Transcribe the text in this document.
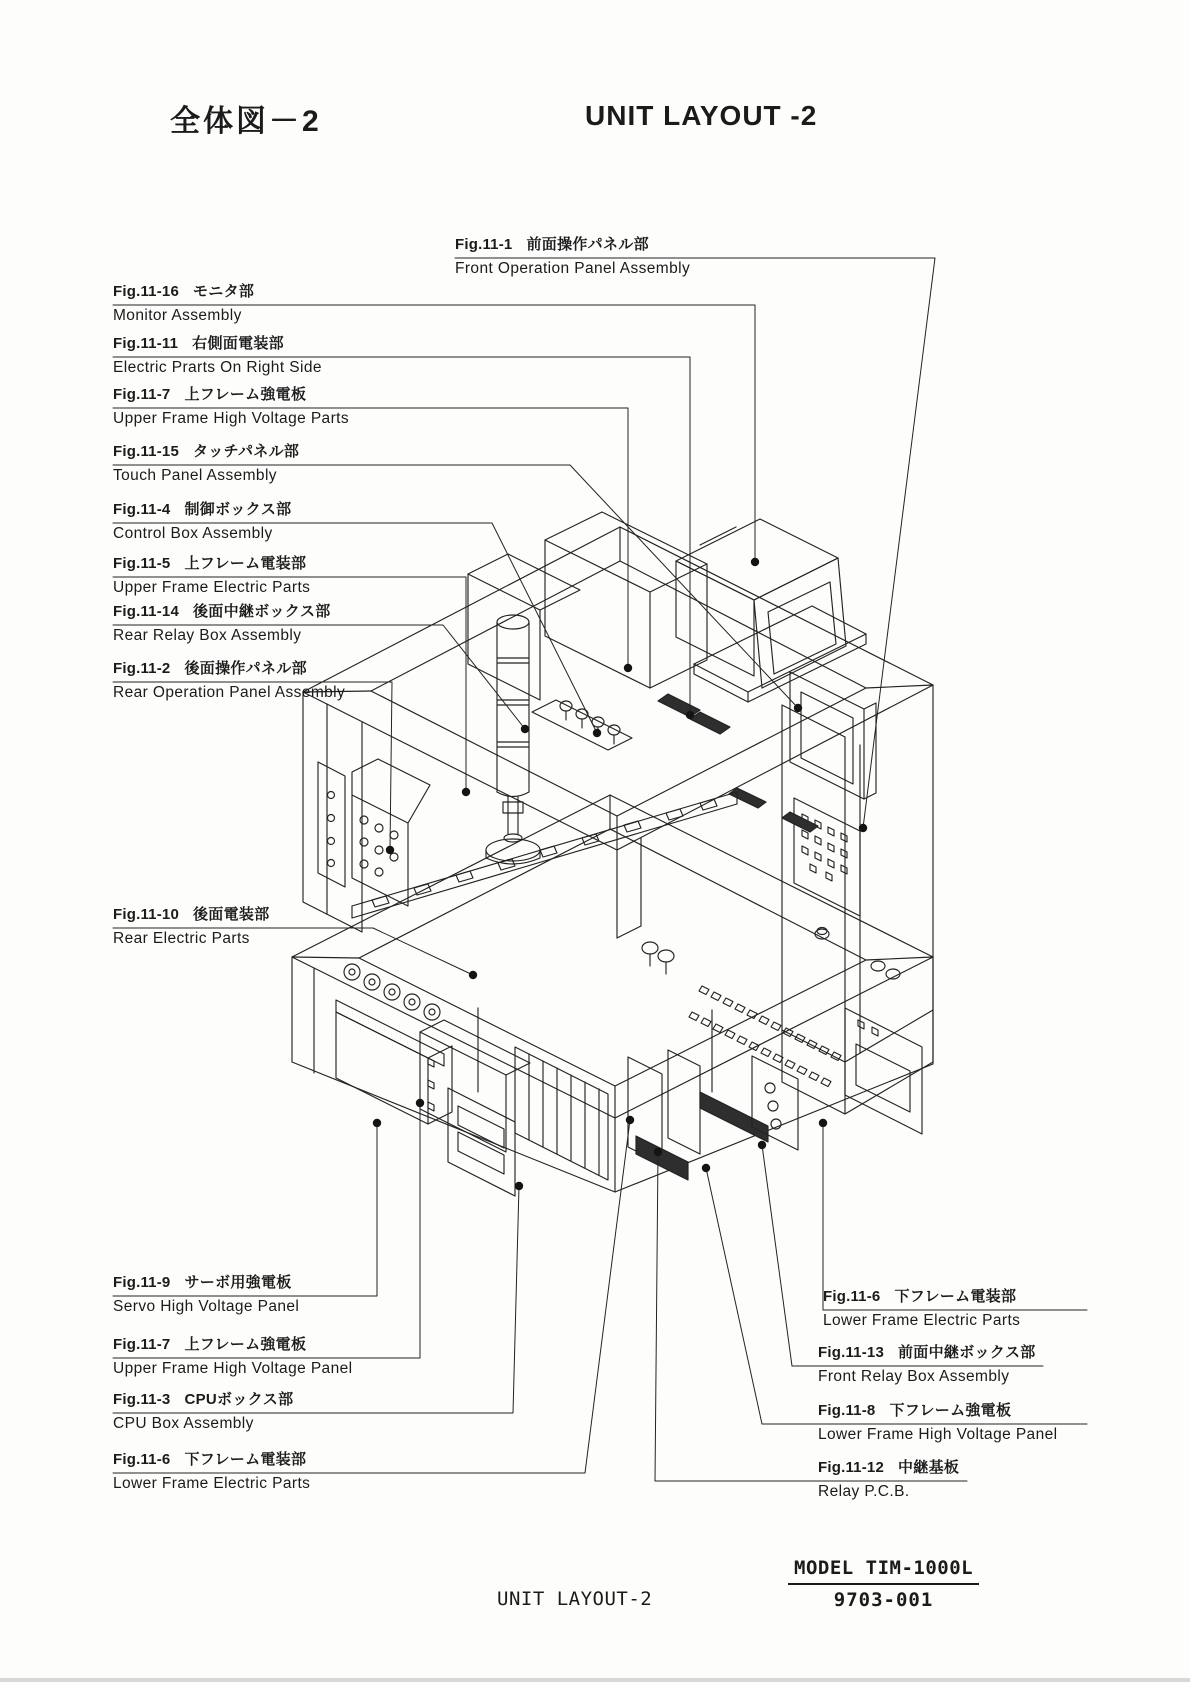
全体図－2	UNIT LAYOUT -2
Fig.11-1 前面操作パネル部
Front Operation Panel Assembly
Fig.11-16 モニタ部
Monitor Assembly
Fig.11-11 右側面電装部
Electric Prarts On Right Side
Fig.11-7 上フレーム強電板
Upper Frame High Voltage Parts
Fig.11-15 タッチパネル部
Touch Panel Assembly
Fig.11-4 制御ボックス部
Control Box Assembly
Fig.11-5 上フレーム電装部
Upper Frame Electric Parts
Fig.11-14 後面中継ボックス部
Rear Relay Box Assembly
Fig.11-2 後面操作パネル部
Rear Operation Panel Assembly
Fig.11-10 後面電装部
Rear Electric Parts
Fig.11-9 サーボ用強電板
Servo High Voltage Panel
Fig.11-7 上フレーム強電板
Upper Frame High Voltage Panel
Fig.11-3 CPUボックス部
CPU Box Assembly
Fig.11-6 下フレーム電装部
Lower Frame Electric Parts
Fig.11-6 下フレーム電装部
Lower Frame Electric Parts
Fig.11-13 前面中継ボックス部
Front Relay Box Assembly
Fig.11-8 下フレーム強電板
Lower Frame High Voltage Panel
Fig.11-12 中継基板
Relay P.C.B.
UNIT LAYOUT-2
MODEL TIM-1000L
9703-001
